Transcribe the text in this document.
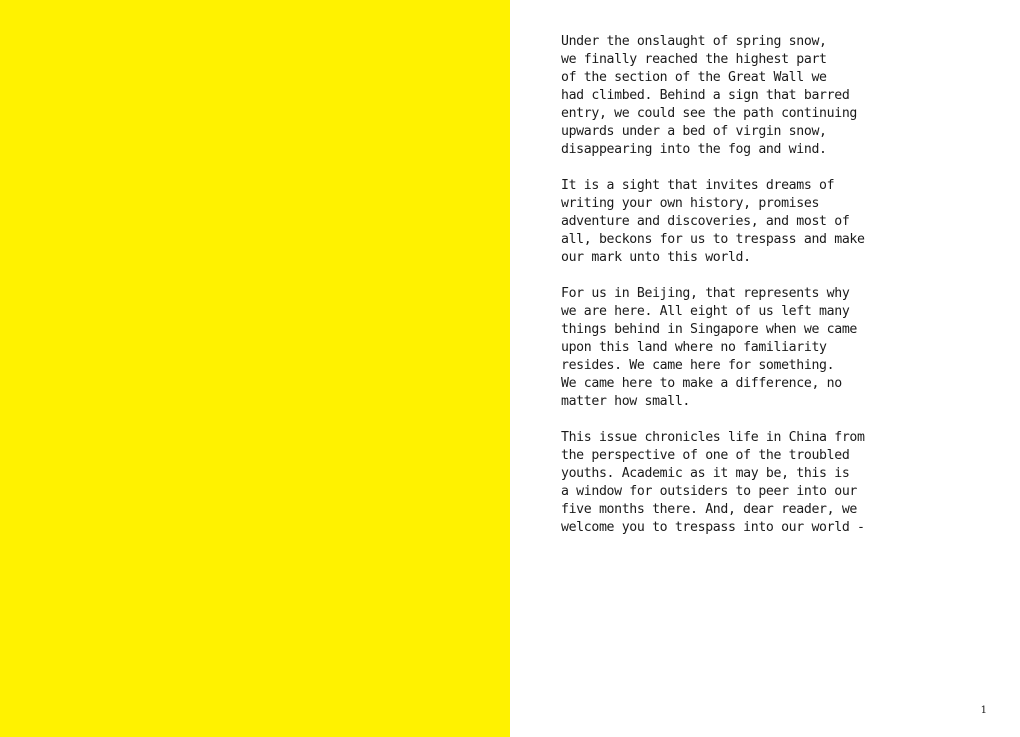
Under the onslaught of spring snow,
we finally reached the highest part
of the section of the Great Wall we
had climbed. Behind a sign that barred
entry, we could see the path continuing
upwards under a bed of virgin snow,
disappearing into the fog and wind.
It is a sight that invites dreams of
writing your own history, promises
adventure and discoveries, and most of
all, beckons for us to trespass and make
our mark unto this world.
For us in Beijing, that represents why
we are here. All eight of us left many
things behind in Singapore when we came
upon this land where no familiarity
resides. We came here for something.
We came here to make a difference, no
matter how small.
This issue chronicles life in China from
the perspective of one of the troubled
youths. Academic as it may be, this is
a window for outsiders to peer into our
five months there. And, dear reader, we
welcome you to trespass into our world -
1
